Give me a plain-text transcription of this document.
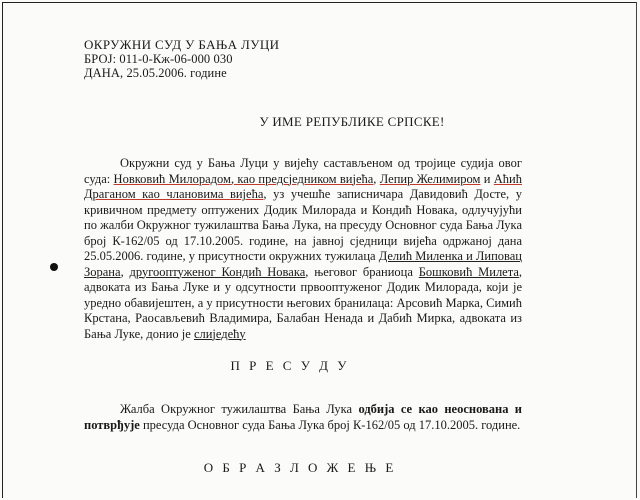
ОКРУЖНИ СУД У БАЊА ЛУЦИ
БРОЈ: 011-0-Кж-06-000 030
ДАНА, 25.05.2006. године
У ИМЕ РЕПУБЛИКЕ СРПСКЕ!

Окружни суд у Бања Луци у вијећу састављеном од тројице судија овог суда: Новковић Милорадом, као предсједником вијећа, Лепир Желимиром и Аћић Драганом као члановима вијећа, уз учешће записничара Давидовић Досте, у кривичном предмету оптужених Додик Милорада и Кондић Новака, одлучујући по жалби Окружног тужилаштва Бања Лука, на пресуду Основног суда Бања Лука број К-162/05 од 17.10.2005. године, на јавној сједници вијећа одржаној дана 25.05.2006. године, у присутности окружних тужилаца Делић Миленка и Липовац Зорана, другооптуженог Кондић Новака, његовог браниоца Бошковић Милета, адвоката из Бања Луке и у одсутности првооптуженог Додик Милорада, који је уредно обавијештен, а у присутности његових бранилаца: Арсовић Марка, Симић Крстана, Раосављевић Владимира, Балабан Ненада и Дабић Мирка, адвоката из Бања Луке, донио је слиједећу

П Р Е С У Д У

Жалба Окружног тужилаштва Бања Лука одбија се као неоснована и потврђује пресуда Основног суда Бања Лука број К-162/05 од 17.10.2005. године.

О Б Р А З Л О Ж Е Њ Е
